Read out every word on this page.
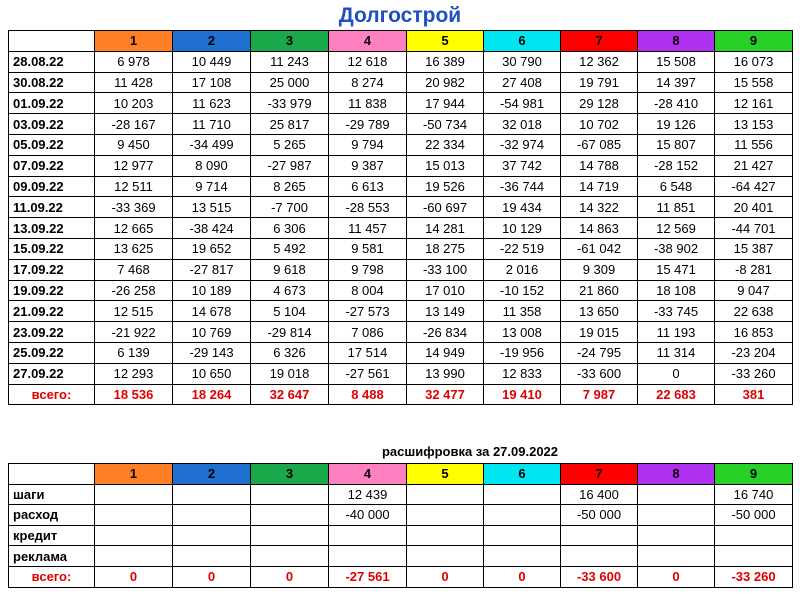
Долгострой
	1	2	3	4	5	6	7	8	9
28.08.22	6 978	10 449	11 243	12 618	16 389	30 790	12 362	15 508	16 073
30.08.22	11 428	17 108	25 000	8 274	20 982	27 408	19 791	14 397	15 558
01.09.22	10 203	11 623	-33 979	11 838	17 944	-54 981	29 128	-28 410	12 161
03.09.22	-28 167	11 710	25 817	-29 789	-50 734	32 018	10 702	19 126	13 153
05.09.22	9 450	-34 499	5 265	9 794	22 334	-32 974	-67 085	15 807	11 556
07.09.22	12 977	8 090	-27 987	9 387	15 013	37 742	14 788	-28 152	21 427
09.09.22	12 511	9 714	8 265	6 613	19 526	-36 744	14 719	6 548	-64 427
11.09.22	-33 369	13 515	-7 700	-28 553	-60 697	19 434	14 322	11 851	20 401
13.09.22	12 665	-38 424	6 306	11 457	14 281	10 129	14 863	12 569	-44 701
15.09.22	13 625	19 652	5 492	9 581	18 275	-22 519	-61 042	-38 902	15 387
17.09.22	7 468	-27 817	9 618	9 798	-33 100	2 016	9 309	15 471	-8 281
19.09.22	-26 258	10 189	4 673	8 004	17 010	-10 152	21 860	18 108	9 047
21.09.22	12 515	14 678	5 104	-27 573	13 149	11 358	13 650	-33 745	22 638
23.09.22	-21 922	10 769	-29 814	7 086	-26 834	13 008	19 015	11 193	16 853
25.09.22	6 139	-29 143	6 326	17 514	14 949	-19 956	-24 795	11 314	-23 204
27.09.22	12 293	10 650	19 018	-27 561	13 990	12 833	-33 600	0	-33 260
всего:	18 536	18 264	32 647	8 488	32 477	19 410	7 987	22 683	381
расшифровка за 27.09.2022
	1	2	3	4	5	6	7	8	9
шаги				12 439			16 400		16 740
расход				-40 000			-50 000		-50 000
кредит									
реклама									
всего:	0	0	0	-27 561	0	0	-33 600	0	-33 260
